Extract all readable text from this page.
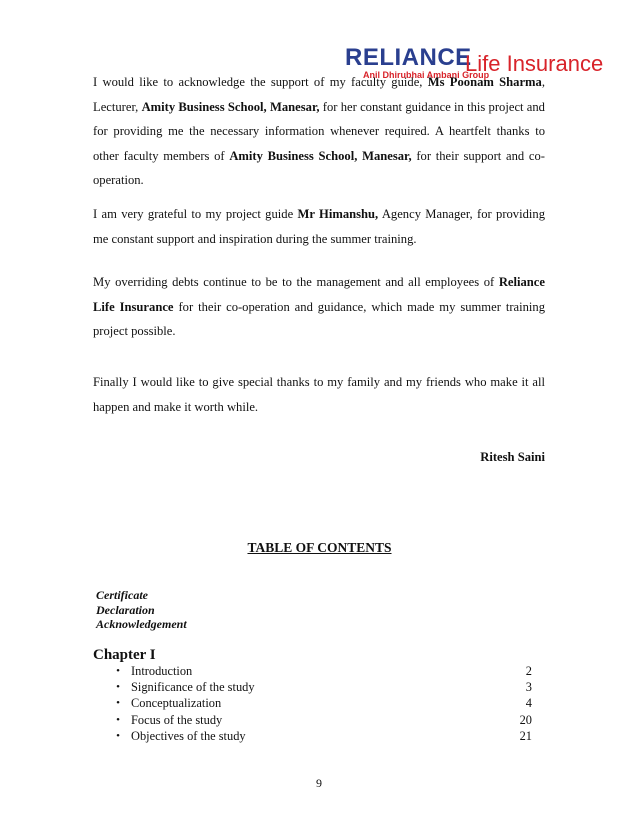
RELIANCE
Life Insurance
Anil Dhirubhai Ambani Group

I would like to acknowledge the support of my faculty guide, Ms Poonam Sharma, Lecturer, Amity Business School, Manesar, for her constant guidance in this project and for providing me the necessary information whenever required. A heartfelt thanks to other faculty members of Amity Business School, Manesar, for their support and co-operation.

I am very grateful to my project guide Mr Himanshu, Agency Manager, for providing me constant support and inspiration during the summer training.

My overriding debts continue to be to the management and all employees of Reliance Life Insurance for their co-operation and guidance, which made my summer training project possible.

Finally I would like to give special thanks to my family and my friends who make it all happen and make it worth while.

Ritesh Saini
TABLE OF CONTENTS
Certificate
Declaration
Acknowledgement
Chapter I
• Introduction	2
• Significance of the study	3
• Conceptualization	4
• Focus of the study	20
• Objectives of the study	21
9
